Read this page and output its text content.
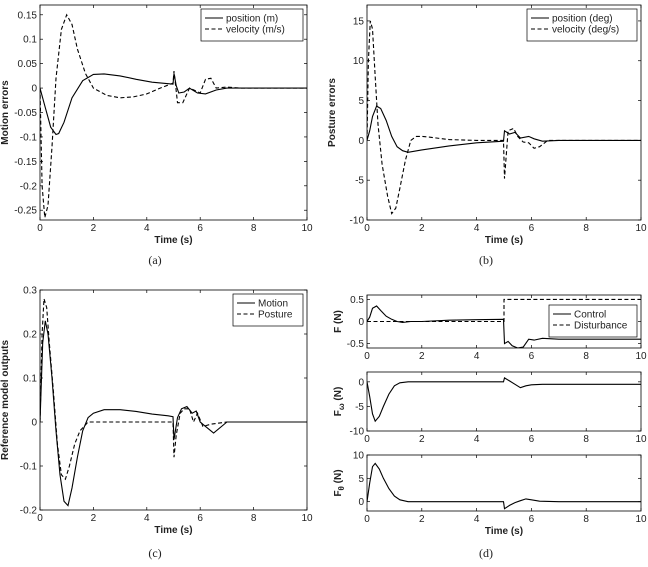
0	2	4	6	8	10
-0.25
-0.2
-0.15
-0.1
-0.05
0
0.05
0.1
0.15
Time (s)
Motion errors
position (m)
velocity (m/s)
(a)
0	2	4	6	8	10
-10
-5
0
5
10
15
Time (s)
Posture errors
position (deg)
velocity (deg/s)
(b)
0	2	4	6	8	10
-0.2
-0.1
0
0.1
0.2
0.3
Time (s)
Reference model outputs
Motion
Posture
(c)
0	2	4	6	8	10
-0.5
0
0.5
F (N)	Control
Disturbance
0	2	4	6	8	10
-10
-5
0
$F_\omega$ (N)
0	2	4	6	8	10
0
5
10
Time (s)
$F_\theta$ (N)
(d)
